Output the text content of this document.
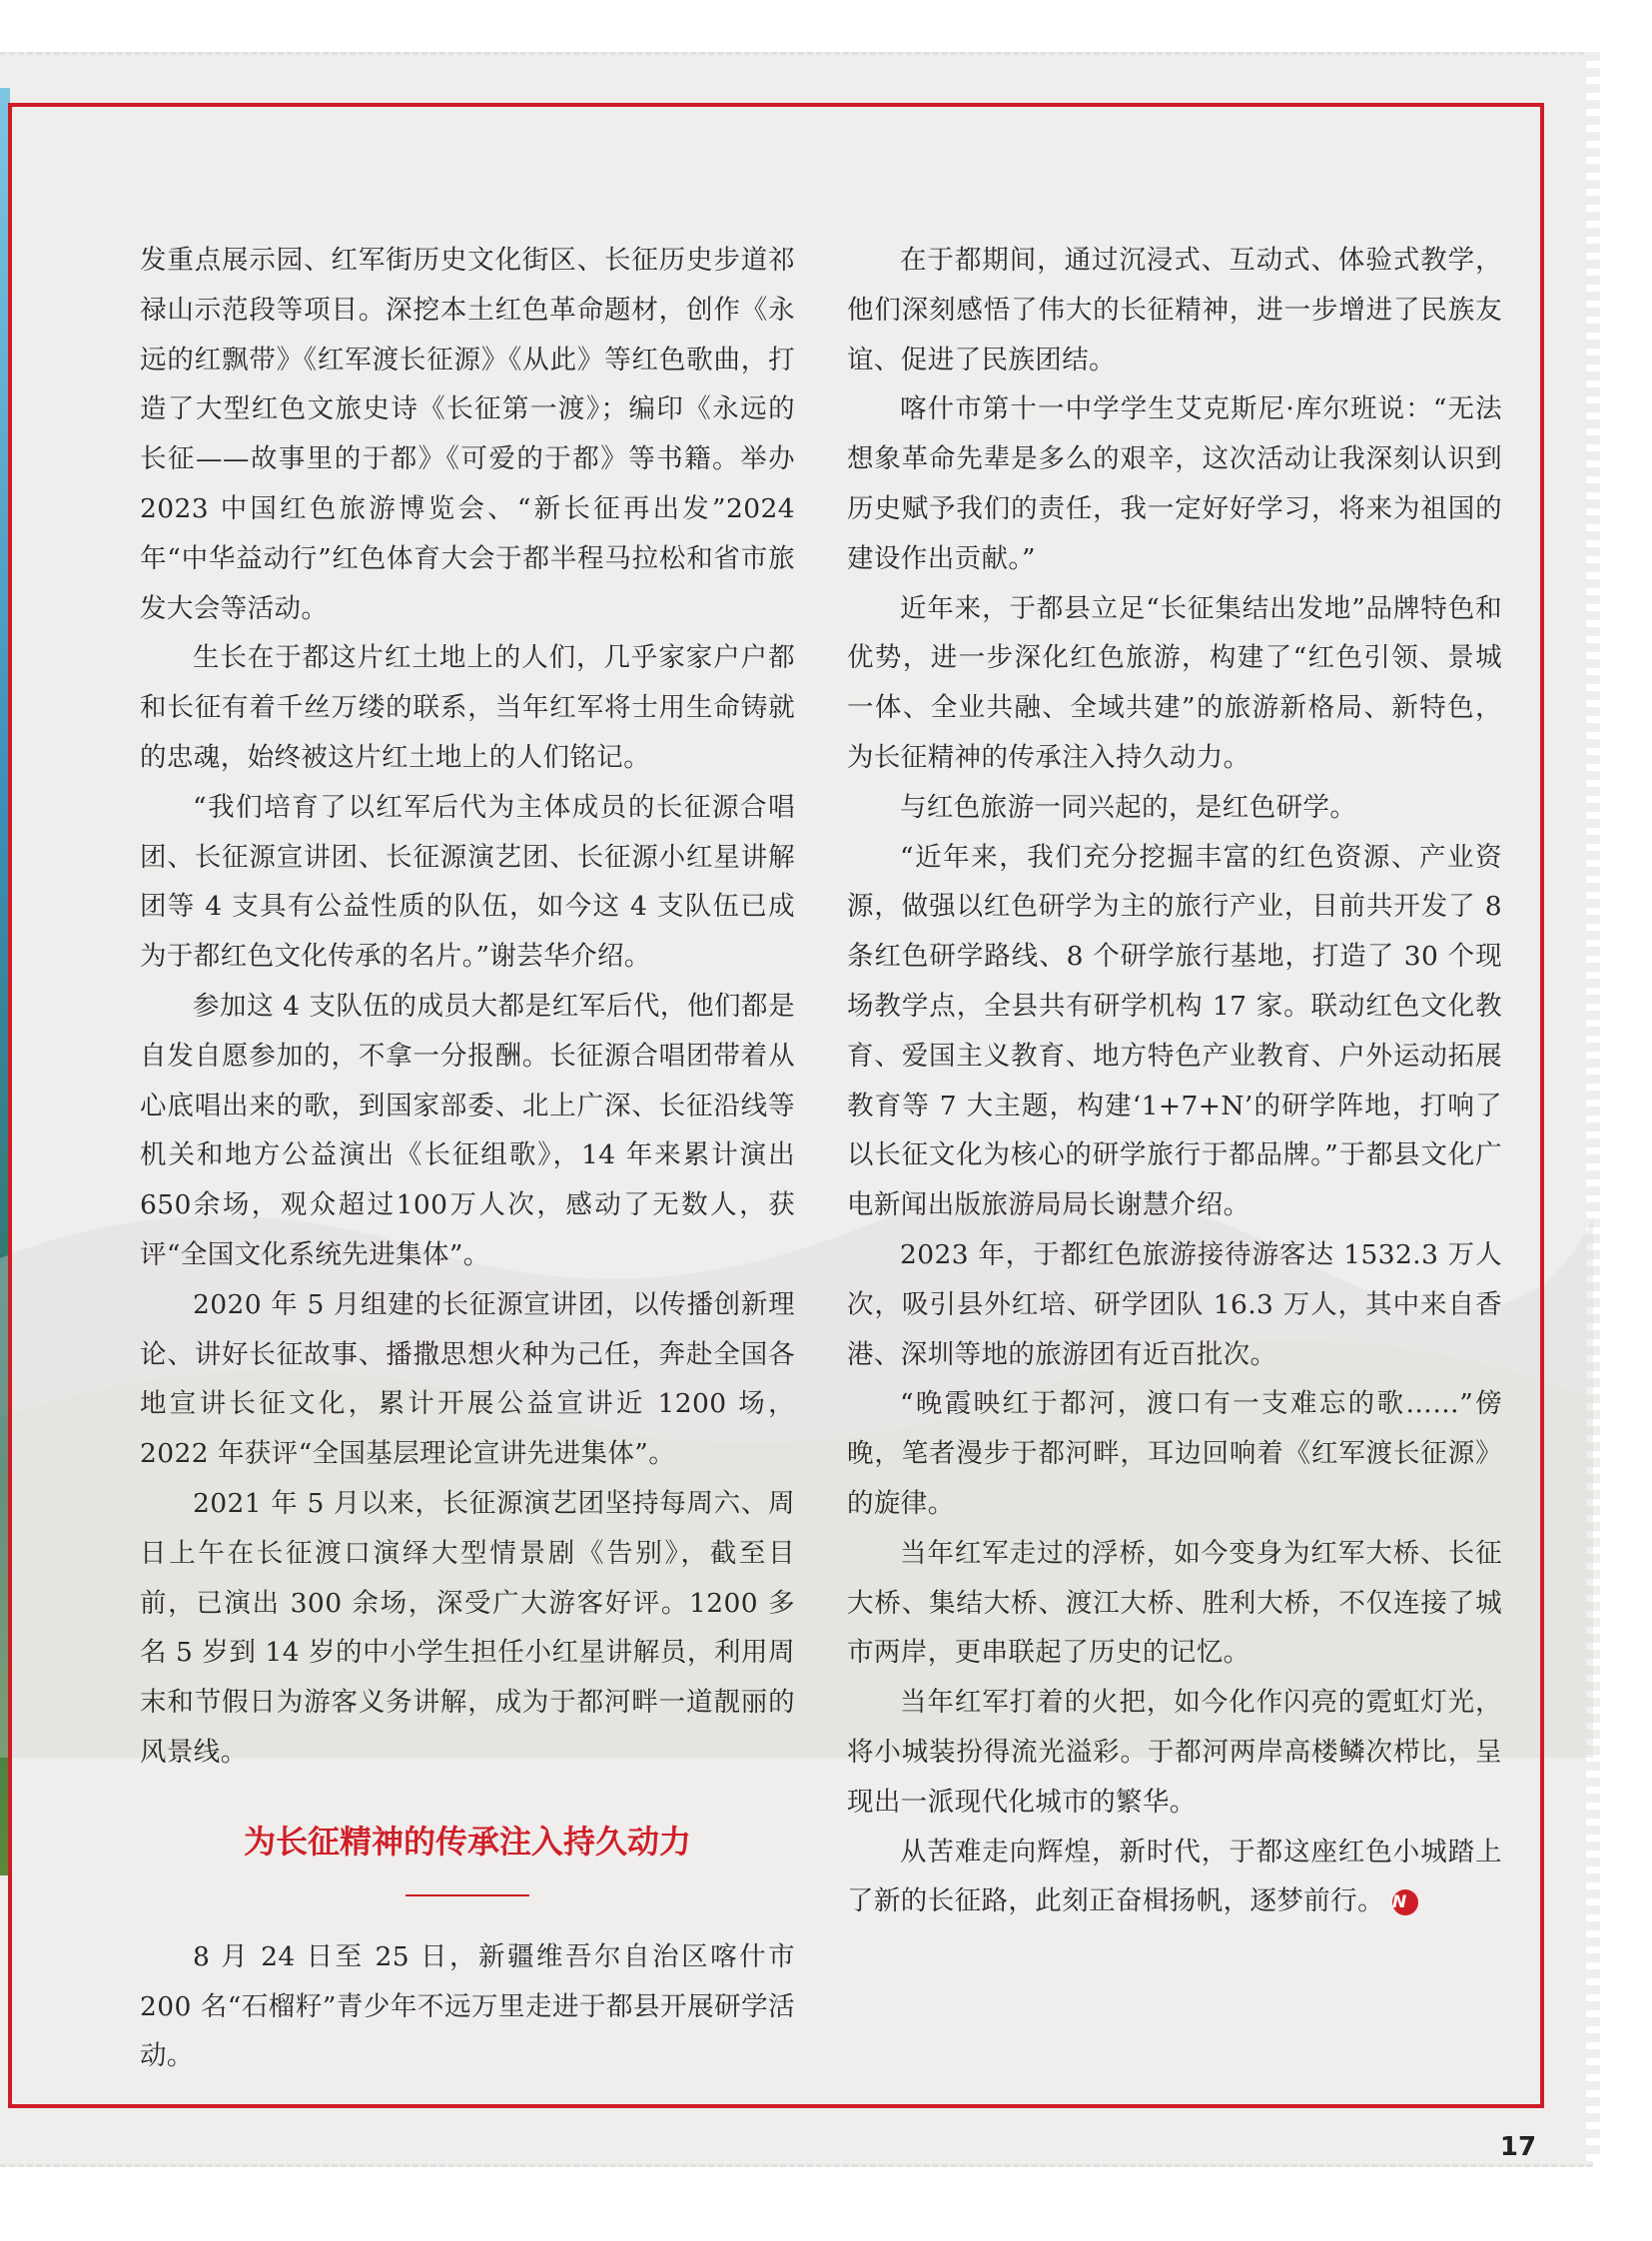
发重点展示园、红军街历史文化街区、长征历史步道祁禄山示范段等项目。深挖本土红色革命题材，创作《永远的红飘带》《红军渡长征源》《从此》等红色歌曲，打造了大型红色文旅史诗《长征第一渡》；编印《永远的长征——故事里的于都》《可爱的于都》等书籍。举办 2023 中国红色旅游博览会、“新长征再出发”2024 年“中华益动行”红色体育大会于都半程马拉松和省市旅发大会等活动。

生长在于都这片红土地上的人们，几乎家家户户都和长征有着千丝万缕的联系，当年红军将士用生命铸就的忠魂，始终被这片红土地上的人们铭记。

“我们培育了以红军后代为主体成员的长征源合唱团、长征源宣讲团、长征源演艺团、长征源小红星讲解团等 4 支具有公益性质的队伍，如今这 4 支队伍已成为于都红色文化传承的名片。”谢芸华介绍。

参加这 4 支队伍的成员大都是红军后代，他们都是自发自愿参加的，不拿一分报酬。长征源合唱团带着从心底唱出来的歌，到国家部委、北上广深、长征沿线等机关和地方公益演出《长征组歌》，14 年来累计演出650余场，观众超过100万人次，感动了无数人，获评“全国文化系统先进集体”。

2020 年 5 月组建的长征源宣讲团，以传播创新理论、讲好长征故事、播撒思想火种为己任，奔赴全国各地宣讲长征文化，累计开展公益宣讲近 1200 场，2022 年获评“全国基层理论宣讲先进集体”。

2021 年 5 月以来，长征源演艺团坚持每周六、周日上午在长征渡口演绎大型情景剧《告别》，截至目前，已演出 300 余场，深受广大游客好评。1200 多名 5 岁到 14 岁的中小学生担任小红星讲解员，利用周末和节假日为游客义务讲解，成为于都河畔一道靓丽的风景线。

为长征精神的传承注入持久动力

8 月 24 日至 25 日，新疆维吾尔自治区喀什市 200 名“石榴籽”青少年不远万里走进于都县开展研学活动。

在于都期间，通过沉浸式、互动式、体验式教学，他们深刻感悟了伟大的长征精神，进一步增进了民族友谊、促进了民族团结。

喀什市第十一中学学生艾克斯尼·库尔班说：“无法想象革命先辈是多么的艰辛，这次活动让我深刻认识到历史赋予我们的责任，我一定好好学习，将来为祖国的建设作出贡献。”

近年来，于都县立足“长征集结出发地”品牌特色和优势，进一步深化红色旅游，构建了“红色引领、景城一体、全业共融、全域共建”的旅游新格局、新特色，为长征精神的传承注入持久动力。

与红色旅游一同兴起的，是红色研学。

“近年来，我们充分挖掘丰富的红色资源、产业资源，做强以红色研学为主的旅行产业，目前共开发了 8 条红色研学路线、8 个研学旅行基地，打造了 30 个现场教学点，全县共有研学机构 17 家。联动红色文化教育、爱国主义教育、地方特色产业教育、户外运动拓展教育等 7 大主题，构建‘1+7+N’的研学阵地，打响了以长征文化为核心的研学旅行于都品牌。”于都县文化广电新闻出版旅游局局长谢慧介绍。

2023 年，于都红色旅游接待游客达 1532.3 万人次，吸引县外红培、研学团队 16.3 万人，其中来自香港、深圳等地的旅游团有近百批次。

“晚霞映红于都河，渡口有一支难忘的歌……”傍晚，笔者漫步于都河畔，耳边回响着《红军渡长征源》的旋律。

当年红军走过的浮桥，如今变身为红军大桥、长征大桥、集结大桥、渡江大桥、胜利大桥，不仅连接了城市两岸，更串联起了历史的记忆。

当年红军打着的火把，如今化作闪亮的霓虹灯光，将小城装扮得流光溢彩。于都河两岸高楼鳞次栉比，呈现出一派现代化城市的繁华。

从苦难走向辉煌，新时代，于都这座红色小城踏上了新的长征路，此刻正奋楫扬帆，逐梦前行。 N

17
